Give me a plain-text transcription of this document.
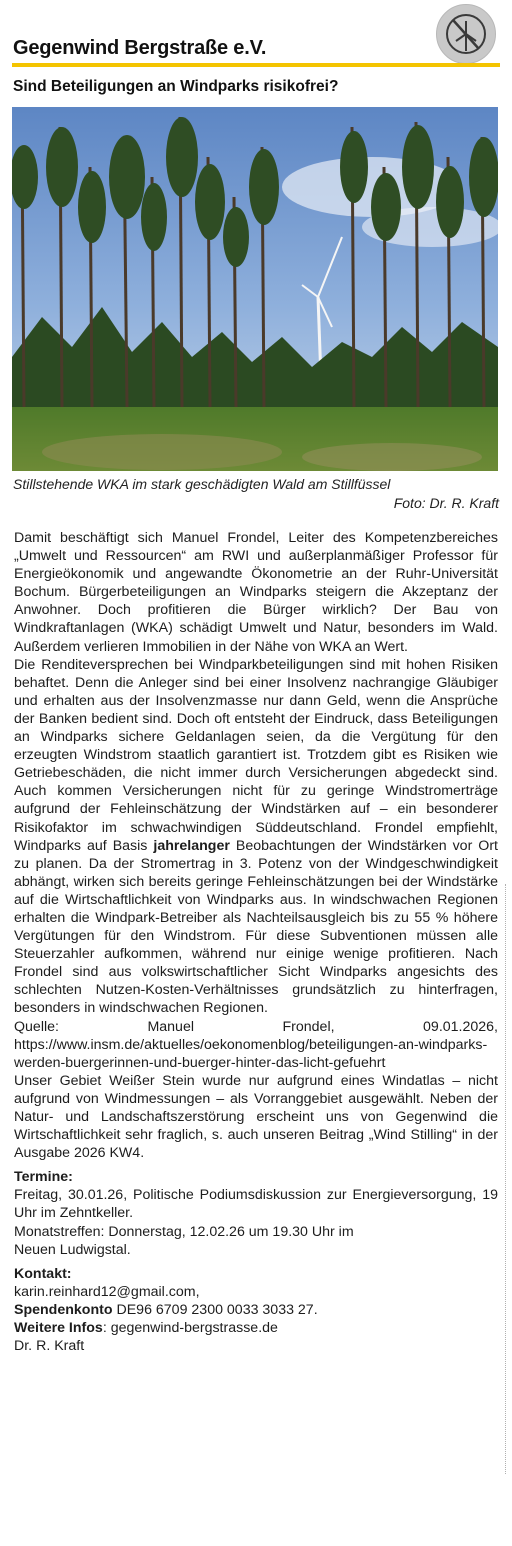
Gegenwind Bergstraße e.V.
Sind Beteiligungen an Windparks risikofrei?
Stillstehende WKA im stark geschädigten Wald am Stillfüssel
Foto: Dr. R. Kraft

Damit beschäftigt sich Manuel Frondel, Leiter des Kompetenzbereiches „Umwelt und Ressourcen“ am RWI und außerplanmäßiger Professor für Energieökonomik und angewandte Ökonometrie an der Ruhr-Universität Bochum. Bürgerbeteiligungen an Windparks steigern die Akzeptanz der Anwohner. Doch profitieren die Bürger wirklich? Der Bau von Windkraftanlagen (WKA) schädigt Umwelt und Natur, besonders im Wald. Außerdem verlieren Immobilien in der Nähe von WKA an Wert.

Die Renditeversprechen bei Windparkbeteiligungen sind mit hohen Risiken behaftet. Denn die Anleger sind bei einer Insolvenz nachrangige Gläubiger und erhalten aus der Insolvenzmasse nur dann Geld, wenn die Ansprüche der Banken bedient sind. Doch oft entsteht der Eindruck, dass Beteiligungen an Windparks sichere Geldanlagen seien, da die Vergütung für den erzeugten Windstrom staatlich garantiert ist. Trotzdem gibt es Risiken wie Getriebeschäden, die nicht immer durch Versicherungen abgedeckt sind. Auch kommen Versicherungen nicht für zu geringe Windstromerträge aufgrund der Fehleinschätzung der Windstärken auf – ein besonderer Risikofaktor im schwachwindigen Süddeutschland. Frondel empfiehlt, Windparks auf Basis jahrelanger Beobachtungen der Windstärken vor Ort zu planen. Da der Stromertrag in 3. Potenz von der Windgeschwindigkeit abhängt, wirken sich bereits geringe Fehleinschätzungen bei der Windstärke auf die Wirtschaftlichkeit von Windparks aus. In windschwachen Regionen erhalten die Windpark-Betreiber als Nachteilsausgleich bis zu 55 % höhere Vergütungen für den Windstrom. Für diese Subventionen müssen alle Steuerzahler aufkommen, während nur einige wenige profitieren. Nach Frondel sind aus volkswirtschaftlicher Sicht Windparks angesichts des schlechten Nutzen-Kosten-Verhältnisses grundsätzlich zu hinterfragen, besonders in windschwachen Regionen.

Quelle: Manuel Frondel, 09.01.2026, https://www.insm.de/aktuelles/oekonomenblog/beteiligungen-an-windparks-werden-buergerinnen-und-buerger-hinter-das-licht-gefuehrt

Unser Gebiet Weißer Stein wurde nur aufgrund eines Windatlas – nicht aufgrund von Windmessungen – als Vorranggebiet ausgewählt. Neben der Natur- und Landschaftszerstörung erscheint uns von Gegenwind die Wirtschaftlichkeit sehr fraglich, s. auch unseren Beitrag „Wind Stilling“ in der Ausgabe 2026 KW4.

Termine:

Freitag, 30.01.26, Politische Podiumsdiskussion zur Energieversorgung, 19 Uhr im Zehntkeller.

Monatstreffen: Donnerstag, 12.02.26 um 19.30 Uhr im
Neuen Ludwigstal.

Kontakt:

karin.reinhard12@gmail.com,

Spendenkonto DE96 6709 2300 0033 3033 27.

Weitere Infos: gegenwind-bergstrasse.de

Dr. R. Kraft
